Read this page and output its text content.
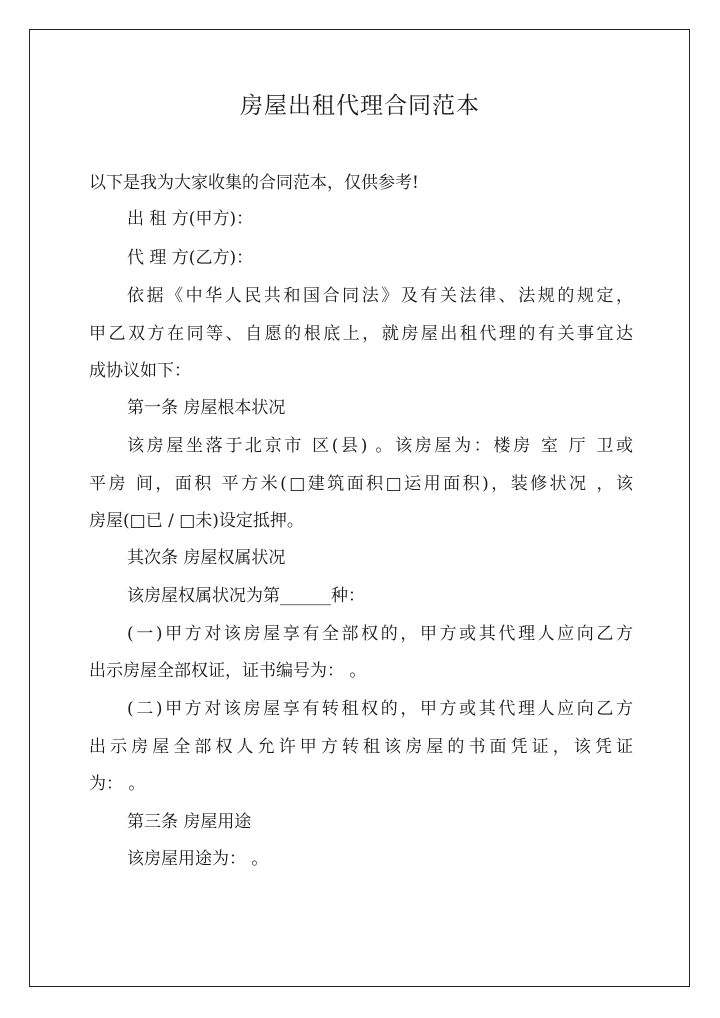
房屋出租代理合同范本
以下是我为大家收集的合同范本，仅供参考!
出 租 方(甲方)：
代 理 方(乙方)：
依据《中华人民共和国合同法》及有关法律、法规的规定，
甲乙双方在同等、自愿的根底上，就房屋出租代理的有关事宜达
成协议如下：
第一条 房屋根本状况
该房屋坐落于北京市 区(县) 。该房屋为：楼房 室 厅 卫或
平房 间，面积 平方米(□建筑面积□运用面积)，装修状况 ，该
房屋(□已 / □未)设定抵押。
其次条 房屋权属状况
该房屋权属状况为第______种：
(一)甲方对该房屋享有全部权的，甲方或其代理人应向乙方
出示房屋全部权证，证书编号为： 。
(二)甲方对该房屋享有转租权的，甲方或其代理人应向乙方
出示房屋全部权人允许甲方转租该房屋的书面凭证，该凭证
为： 。
第三条 房屋用途
该房屋用途为： 。
